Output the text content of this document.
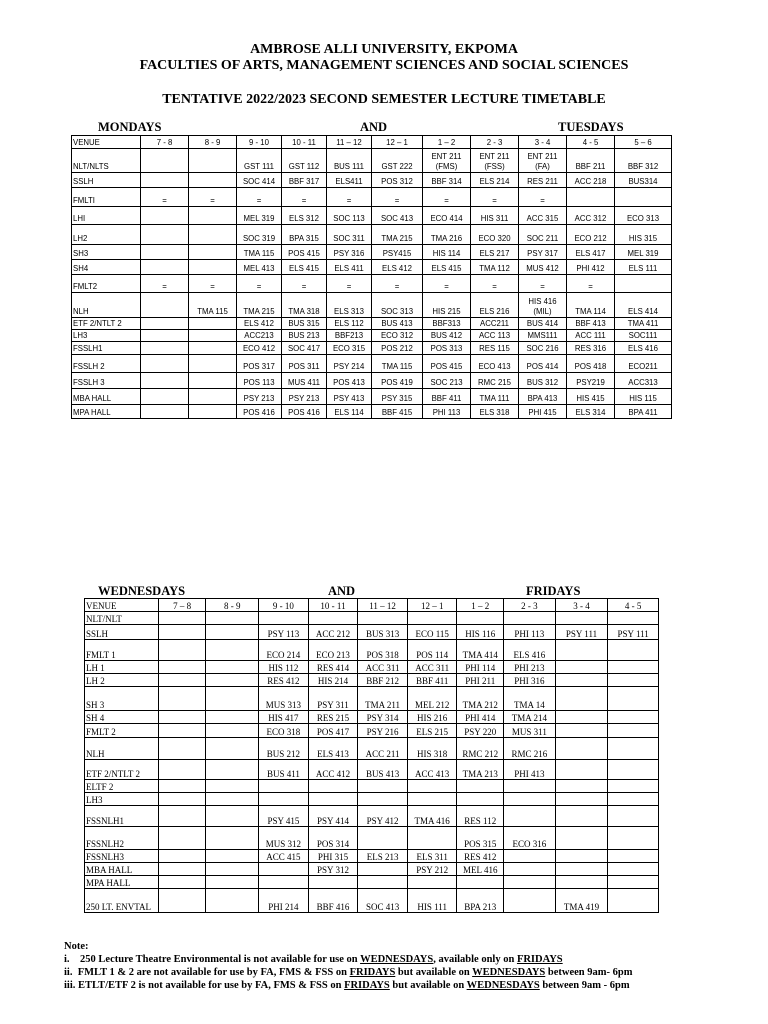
AMBROSE ALLI UNIVERSITY, EKPOMA
FACULTIES OF ARTS, MANAGEMENT SCIENCES AND SOCIAL SCIENCES
TENTATIVE 2022/2023 SECOND SEMESTER LECTURE TIMETABLE
MONDAYS	AND	TUESDAYS
VENUE	7 - 8	8 - 9	9 - 10	10 - 11	11 – 12	12 – 1	1 – 2	2 - 3	3 - 4	4 - 5	5 – 6
NLT/NLTS			GST 111	GST 112	BUS 111	GST 222	ENT 211 (FMS)	ENT 211 (FSS)	ENT 211 (FA)	BBF 211	BBF 312
SSLH			SOC 414	BBF 317	ELS411	POS 312	BBF 314	ELS 214	RES 211	ACC 218	BUS314
FMLTI	=	=	=	=	=	=	=	=	=		
LHI			MEL 319	ELS 312	SOC 113	SOC 413	ECO 414	HIS 311	ACC 315	ACC 312	ECO 313
LH2			SOC 319	BPA 315	SOC 311	TMA 215	TMA 216	ECO 320	SOC 211	ECO 212	HIS 315
SH3			TMA 115	POS 415	PSY 316	PSY415	HIS 114	ELS 217	PSY 317	ELS 417	MEL 319
SH4			MEL 413	ELS 415	ELS 411	ELS 412	ELS 415	TMA 112	MUS 412	PHI 412	ELS 111
FMLT2	=	=	=	=	=	=	=	=	=	=	
NLH		TMA 115	TMA 215	TMA 318	ELS 313	SOC 313	HIS 215	ELS 216	HIS 416 (MIL)	TMA 114	ELS 414
ETF 2/NTLT 2			ELS 412	BUS 315	ELS 112	BUS 413	BBF313	ACC211	BUS 414	BBF 413	TMA 411
LH3			ACC213	BUS 213	BBF213	ECO 312	BUS 412	ACC 113	MMS111	ACC 111	SOC111
FSSLH1			ECO 412	SOC 417	ECO 315	POS 212	POS 313	RES 115	SOC 216	RES 316	ELS 416
FSSLH 2			POS 317	POS 311	PSY 214	TMA 115	POS 415	ECO 413	POS 414	POS 418	ECO211
FSSLH 3			POS 113	MUS 411	POS 413	POS 419	SOC 213	RMC 215	BUS 312	PSY219	ACC313
MBA HALL			PSY 213	PSY 213	PSY 413	PSY 315	BBF 411	TMA 111	BPA 413	HIS 415	HIS 115
MPA HALL			POS 416	POS 416	ELS 114	BBF 415	PHI 113	ELS 318	PHI 415	ELS 314	BPA 411
WEDNESDAYS	AND	FRIDAYS
VENUE	7 – 8	8 - 9	9 - 10	10 - 11	11 – 12	12 – 1	1 – 2	2 - 3	3 - 4	4 - 5
NLT/NLT										
SSLH			PSY 113	ACC 212	BUS 313	ECO 115	HIS 116	PHI 113	PSY 111	PSY 111
FMLT 1			ECO 214	ECO 213	POS 318	POS 114	TMA 414	ELS 416		
LH 1			HIS 112	RES 414	ACC 311	ACC 311	PHI 114	PHI 213		
LH 2			RES 412	HIS 214	BBF 212	BBF 411	PHI 211	PHI 316		
SH 3			MUS 313	PSY 311	TMA 211	MEL 212	TMA 212	TMA 14		
SH 4			HIS 417	RES 215	PSY 314	HIS 216	PHI 414	TMA 214		
FMLT 2			ECO 318	POS 417	PSY 216	ELS 215	PSY 220	MUS 311		
NLH			BUS 212	ELS 413	ACC 211	HIS 318	RMC 212	RMC 216		
ETF 2/NTLT 2			BUS 411	ACC 412	BUS 413	ACC 413	TMA 213	PHI 413		
ELTF 2										
LH3										
FSSNLH1			PSY 415	PSY 414	PSY 412	TMA 416	RES 112			
FSSNLH2			MUS 312	POS 314			POS 315	ECO 316		
FSSNLH3			ACC 415	PHI 315	ELS 213	ELS 311	RES 412			
MBA HALL				PSY 312		PSY 212	MEL 416			
MPA HALL										
250 LT. ENVTAL			PHI 214	BBF 416	SOC 413	HIS 111	BPA 213		TMA 419	
Note:
i. 250 Lecture Theatre Environmental is not available for use on WEDNESDAYS, available only on FRIDAYS
ii. FMLT 1 & 2 are not available for use by FA, FMS & FSS on FRIDAYS but available on WEDNESDAYS between 9am- 6pm
iii. ETLT/ETF 2 is not available for use by FA, FMS & FSS on FRIDAYS but available on WEDNESDAYS between 9am - 6pm
